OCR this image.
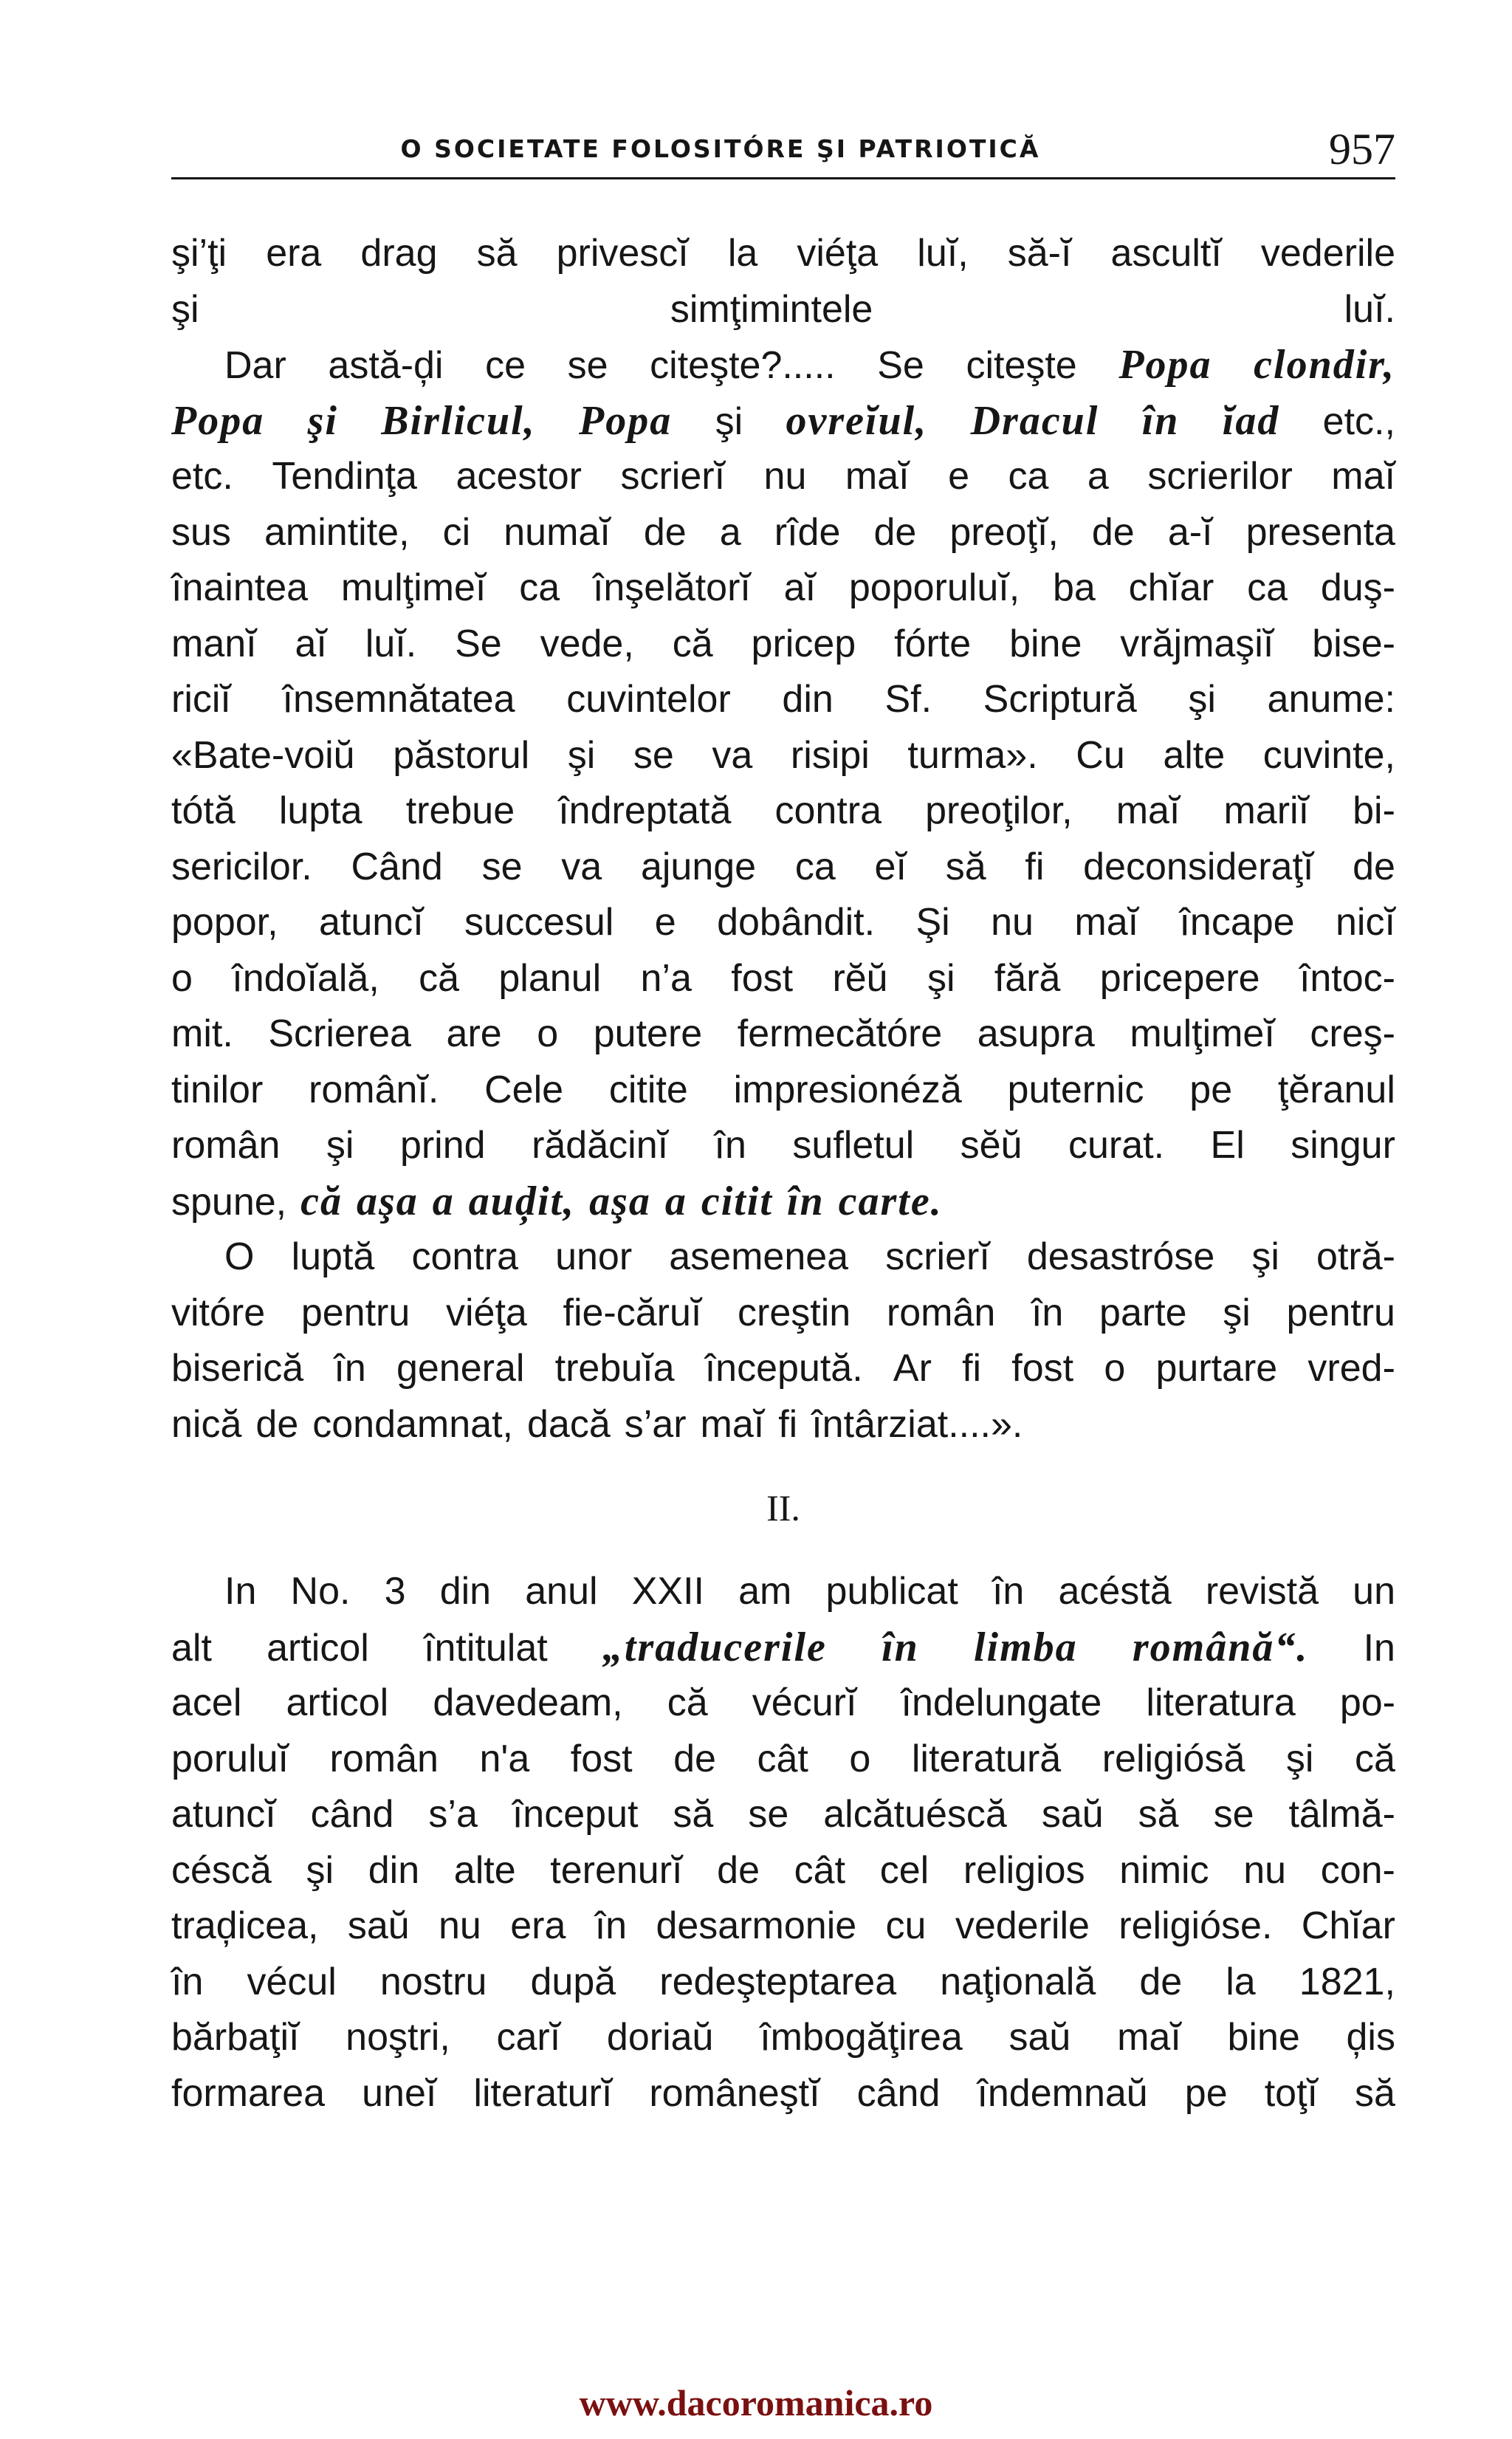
O SOCIETATE FOLOSITÓRE ŞI PATRIOTICĂ	957
şi’ţi era drag să privescĭ la viéţa luĭ, să-ĭ ascultĭ vederile
şi	simţimintele	luĭ.
Dar astă-ḑi ce se citeşte?..... Se citeşte Popa clondir,
Popa şi Birlicul, Popa şi ovreĭul, Dracul în ĭad etc.,
etc. Tendinţa acestor scrierĭ nu maĭ e ca a scrierilor maĭ
sus amintite, ci numaĭ de a rîde de preoţĭ, de a-ĭ presenta
înaintea mulţimeĭ ca înşelătorĭ aĭ poporuluĭ, ba chĭar ca duş-
manĭ aĭ luĭ. Se vede, că pricep fórte bine vrăjmaşiĭ bise-
riciĭ însemnătatea cuvintelor din Sf. Scriptură şi anume:
«Bate-voiŭ păstorul şi se va risipi turma». Cu alte cuvinte,
tótă lupta trebue îndreptată contra preoţilor, maĭ mariĭ bi-
sericilor. Când se va ajunge ca eĭ să fi deconsideraţĭ de
popor, atuncĭ succesul e dobândit. Şi nu maĭ încape nicĭ
o îndoĭală, că planul n’a fost rĕŭ şi fără pricepere întoc-
mit. Scrierea are o putere fermecătóre asupra mulţimeĭ creş-
tinilor românĭ. Cele citite impresionéză puternic pe ţĕranul
român şi prind rădăcinĭ în sufletul sĕŭ curat. El singur
spune, că aşa a auḑit, aşa a citit în carte.
O luptă contra unor asemenea scrierĭ desastróse şi otră-
vitóre pentru viéţa fie-căruĭ creştin român în parte şi pentru
biserică în general trebuĭa începută. Ar fi fost o purtare vred-
nică de condamnat, dacă s’ar maĭ fi întârziat....».
II.
In No. 3 din anul XXII am publicat în acéstă revistă un
alt articol întitulat „traducerile în limba română“. In
acel articol davedeam, că vécurĭ îndelungate literatura po-
poruluĭ român n'a fost de cât o literatură religiósă şi că
atuncĭ când s’a început să se alcătuéscă saŭ să se tâlmă-
céscă şi din alte terenurĭ de cât cel religios nimic nu con-
traḑicea, saŭ nu era în desarmonie cu vederile religióse. Chĭar
în vécul nostru după redeşteptarea naţională de la 1821,
bărbaţiĭ noştri, carĭ doriaŭ îmbogăţirea saŭ maĭ bine ḑis
formarea uneĭ literaturĭ româneştĭ când îndemnaŭ pe toţĭ să
www.dacoromanica.ro
